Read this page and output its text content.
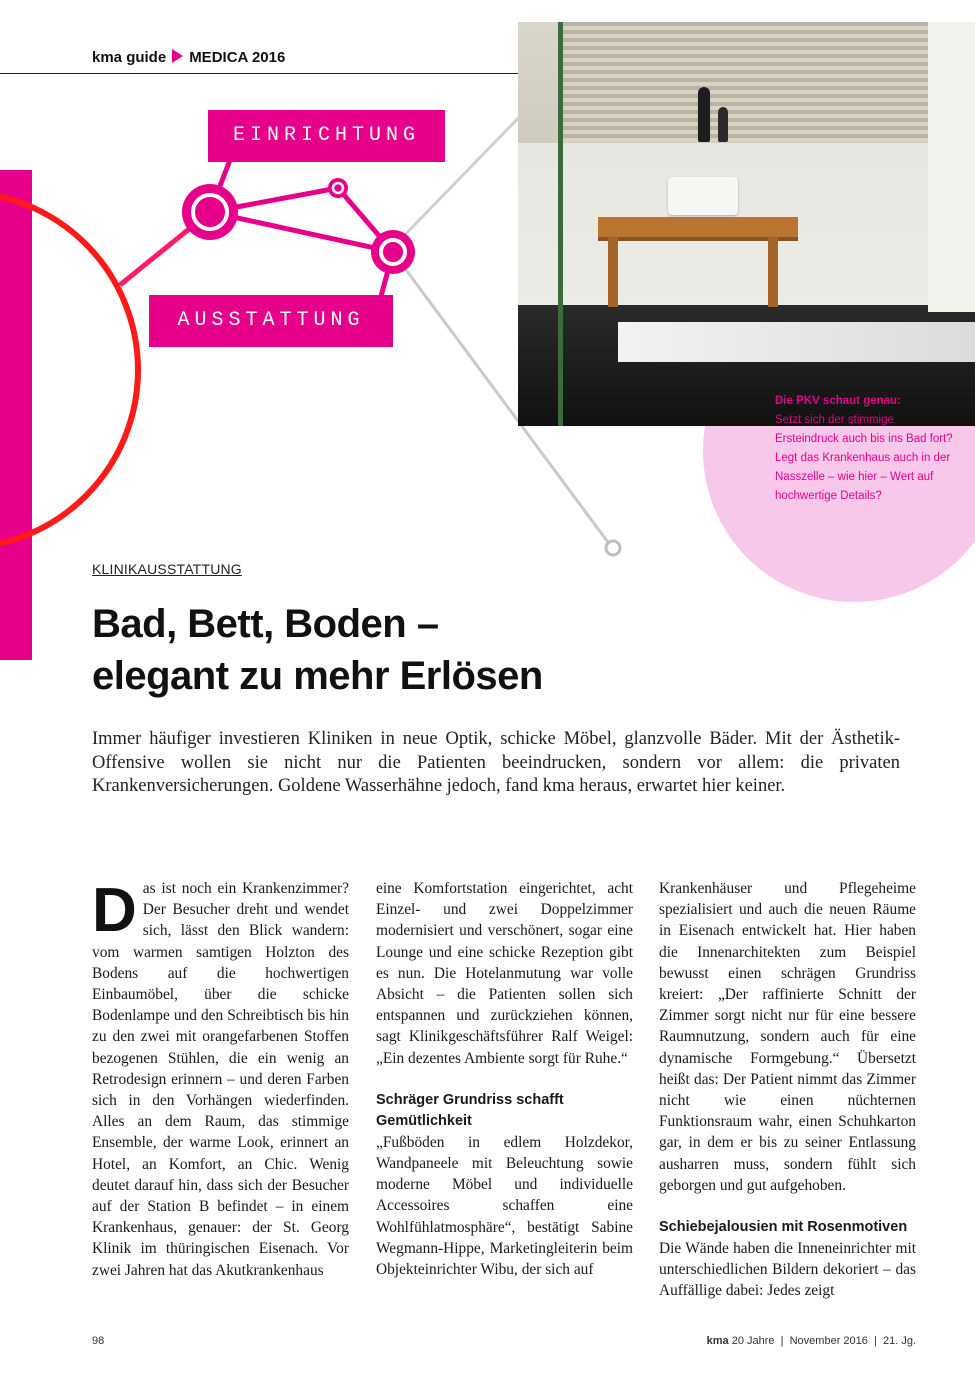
kma guide MEDICA 2016
EINRICHTUNG
AUSSTATTUNG
Die PKV schaut genau:
Setzt sich der stimmige Ersteindruck auch bis ins Bad fort? Legt das Krankenhaus auch in der Nasszelle – wie hier – Wert auf hochwertige Details?
KLINIKAUSSTATTUNG
Bad, Bett, Boden –
elegant zu mehr Erlösen
Immer häufiger investieren Kliniken in neue Optik, schicke Möbel, glanzvolle Bäder. Mit der Ästhetik-Offensive wollen sie nicht nur die Patienten beeindrucken, sondern vor allem: die privaten Krankenversicherungen. Goldene Wasserhähne jedoch, fand kma heraus, erwartet hier keiner.

Das ist noch ein Krankenzimmer? Der Besucher dreht und wendet sich, lässt den Blick wandern: vom warmen samtigen Holzton des Bodens auf die hochwertigen Einbaumöbel, über die schicke Bodenlampe und den Schreibtisch bis hin zu den zwei mit orangefarbenen Stoffen bezogenen Stühlen, die ein wenig an Retrodesign erinnern – und deren Farben sich in den Vorhängen wiederfinden. Alles an dem Raum, das stimmige Ensemble, der warme Look, erinnert an Hotel, an Komfort, an Chic. Wenig deutet darauf hin, dass sich der Besucher auf der Station B befindet – in einem Krankenhaus, genauer: der St. Georg Klinik im thüringischen Eisenach. Vor zwei Jahren hat das Akutkrankenhaus

eine Komfortstation eingerichtet, acht Einzel- und zwei Doppelzimmer modernisiert und verschönert, sogar eine Lounge und eine schicke Rezeption gibt es nun. Die Hotelanmutung war volle Absicht – die Patienten sollen sich entspannen und zurückziehen können, sagt Klinikgeschäftsführer Ralf Weigel: „Ein dezentes Ambiente sorgt für Ruhe.“

Schräger Grundriss schafft Gemütlichkeit

„Fußböden in edlem Holzdekor, Wandpaneele mit Beleuchtung sowie moderne Möbel und individuelle Accessoires schaffen eine Wohlfühlatmosphäre“, bestätigt Sabine Wegmann-Hippe, Marketingleiterin beim Objekteinrichter Wibu, der sich auf

Krankenhäuser und Pflegeheime spezialisiert und auch die neuen Räume in Eisenach entwickelt hat. Hier haben die Innenarchitekten zum Beispiel bewusst einen schrägen Grundriss kreiert: „Der raffinierte Schnitt der Zimmer sorgt nicht nur für eine bessere Raumnutzung, sondern auch für eine dynamische Formgebung.“ Übersetzt heißt das: Der Patient nimmt das Zimmer nicht wie einen nüchternen Funktionsraum wahr, einen Schuhkarton gar, in dem er bis zu seiner Entlassung ausharren muss, sondern fühlt sich geborgen und gut aufgehoben.

Schiebejalousien mit Rosenmotiven

Die Wände haben die Inneneinrichter mit unterschiedlichen Bildern dekoriert – das Auffällige dabei: Jedes zeigt

98	kma 20 Jahre  |  November 2016  |  21. Jg.
